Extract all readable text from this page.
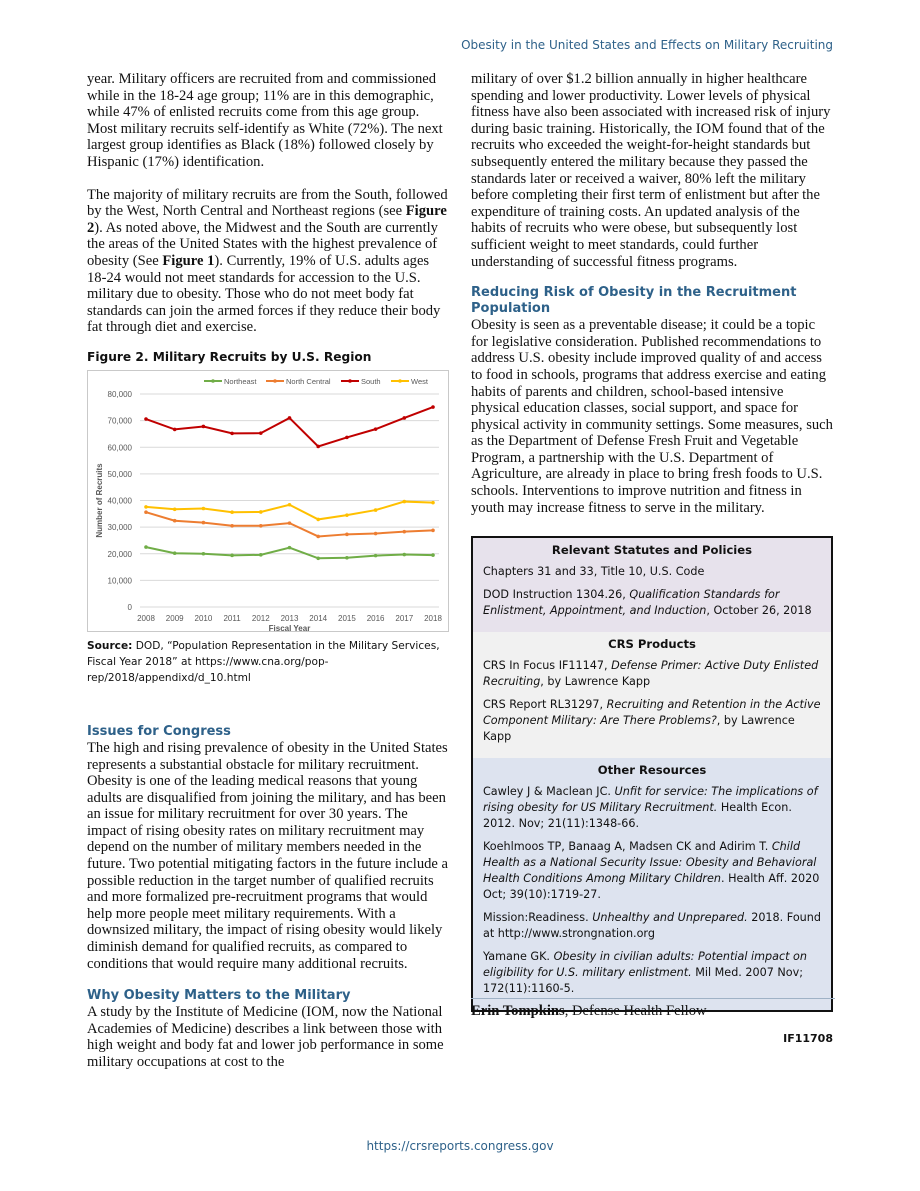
Obesity in the United States and Effects on Military Recruiting

year. Military officers are recruited from and commissioned while in the 18-24 age group; 11% are in this demographic, while 47% of enlisted recruits come from this age group. Most military recruits self-identify as White (72%). The next largest group identifies as Black (18%) followed closely by Hispanic (17%) identification.

The majority of military recruits are from the South, followed by the West, North Central and Northeast regions (see Figure 2). As noted above, the Midwest and the South are currently the areas of the United States with the highest prevalence of obesity (See Figure 1). Currently, 19% of U.S. adults ages 18-24 would not meet standards for accession to the U.S. military due to obesity. Those who do not meet body fat standards can join the armed forces if they reduce their body fat through diet and exercise.

Figure 2. Military Recruits by U.S. Region
0
10,000
20,000
30,000
40,000
50,000
60,000
70,000
80,000
2008 2009 2010 2011 2012 2013 2014 2015 2016 2017 2018
Fiscal Year
Number of Recruits
Northeast	North Central	South	West

Source: DOD, “Population Representation in the Military Services, Fiscal Year 2018” at https://www.cna.org/pop-rep/2018/appendixd/d_10.html

Issues for Congress

The high and rising prevalence of obesity in the United States represents a substantial obstacle for military recruitment. Obesity is one of the leading medical reasons that young adults are disqualified from joining the military, and has been an issue for military recruitment for over 30 years. The impact of rising obesity rates on military recruitment may depend on the number of military members needed in the future. Two potential mitigating factors in the future include a possible reduction in the target number of qualified recruits and more formalized pre-recruitment programs that would help more people meet military requirements. With a downsized military, the impact of rising obesity would likely diminish demand for qualified recruits, as compared to conditions that would require many additional recruits.

Why Obesity Matters to the Military

A study by the Institute of Medicine (IOM, now the National Academies of Medicine) describes a link between those with high weight and body fat and lower job performance in some military occupations at cost to the

military of over $1.2 billion annually in higher healthcare spending and lower productivity. Lower levels of physical fitness have also been associated with increased risk of injury during basic training. Historically, the IOM found that of the recruits who exceeded the weight-for-height standards but subsequently entered the military because they passed the standards later or received a waiver, 80% left the military before completing their first term of enlistment but after the expenditure of training costs. An updated analysis of the habits of recruits who were obese, but subsequently lost sufficient weight to meet standards, could further understanding of successful fitness programs.

Reducing Risk of Obesity in the Recruitment Population

Obesity is seen as a preventable disease; it could be a topic for legislative consideration. Published recommendations to address U.S. obesity include improved quality of and access to food in schools, programs that address exercise and eating habits of parents and children, school-based intensive physical education classes, social support, and space for physical activity in community settings. Some measures, such as the Department of Defense Fresh Fruit and Vegetable Program, a partnership with the U.S. Department of Agriculture, are already in place to bring fresh foods to U.S. schools. Interventions to improve nutrition and fitness in youth may increase fitness to serve in the military.

Relevant Statutes and Policies
Chapters 31 and 33, Title 10, U.S. Code
DOD Instruction 1304.26, Qualification Standards for Enlistment, Appointment, and Induction, October 26, 2018
CRS Products
CRS In Focus IF11147, Defense Primer: Active Duty Enlisted Recruiting, by Lawrence Kapp
CRS Report RL31297, Recruiting and Retention in the Active Component Military: Are There Problems?, by Lawrence Kapp
Other Resources
Cawley J & Maclean JC. Unfit for service: The implications of rising obesity for US Military Recruitment. Health Econ. 2012. Nov; 21(11):1348-66.
Koehlmoos TP, Banaag A, Madsen CK and Adirim T. Child Health as a National Security Issue: Obesity and Behavioral Health Conditions Among Military Children. Health Aff. 2020 Oct; 39(10):1719-27.
Mission:Readiness. Unhealthy and Unprepared. 2018. Found at http://www.strongnation.org
Yamane GK. Obesity in civilian adults: Potential impact on eligibility for U.S. military enlistment. Mil Med. 2007 Nov; 172(11):1160-5.
Erin Tompkins, Defense Health Fellow
IF11708
https://crsreports.congress.gov
